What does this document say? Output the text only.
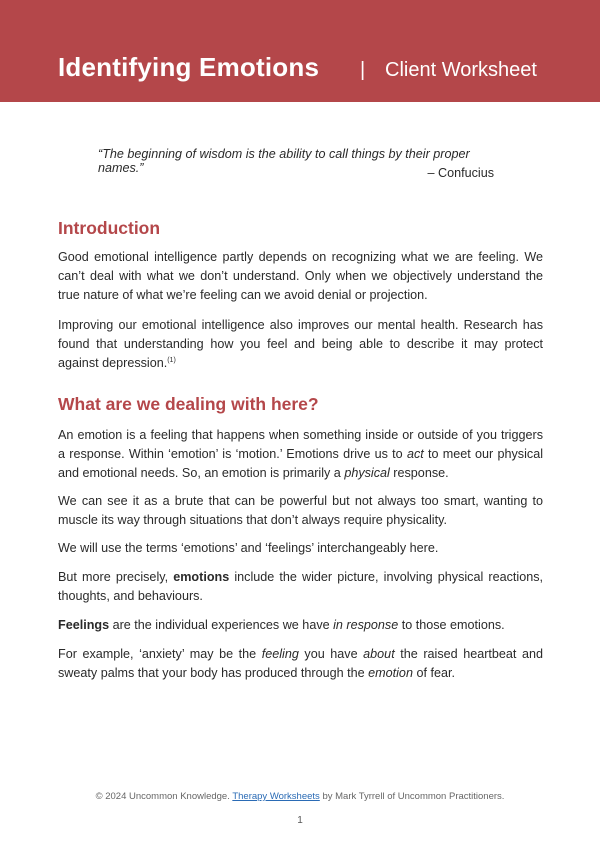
Identifying Emotions | Client Worksheet
“The beginning of wisdom is the ability to call things by their proper names.”	– Confucius
Introduction

Good emotional intelligence partly depends on recognizing what we are feeling. We can’t deal with what we don’t understand. Only when we objectively understand the true nature of what we’re feeling can we avoid denial or projection.

Improving our emotional intelligence also improves our mental health. Research has found that understanding how you feel and being able to describe it may protect against depression.$^{(1)}$

What are we dealing with here?

An emotion is a feeling that happens when something inside or outside of you triggers a response. Within ‘emotion’ is ‘motion.’ Emotions drive us to act to meet our physical and emotional needs. So, an emotion is primarily a physical response.

We can see it as a brute that can be powerful but not always too smart, wanting to muscle its way through situations that don’t always require physicality.

We will use the terms ‘emotions’ and ‘feelings’ interchangeably here.

But more precisely, emotions include the wider picture, involving physical reactions, thoughts, and behaviours.

Feelings are the individual experiences we have in response to those emotions.

For example, ‘anxiety’ may be the feeling you have about the raised heartbeat and sweaty palms that your body has produced through the emotion of fear.

© 2024 Uncommon Knowledge. Therapy Worksheets by Mark Tyrrell of Uncommon Practitioners.
1
